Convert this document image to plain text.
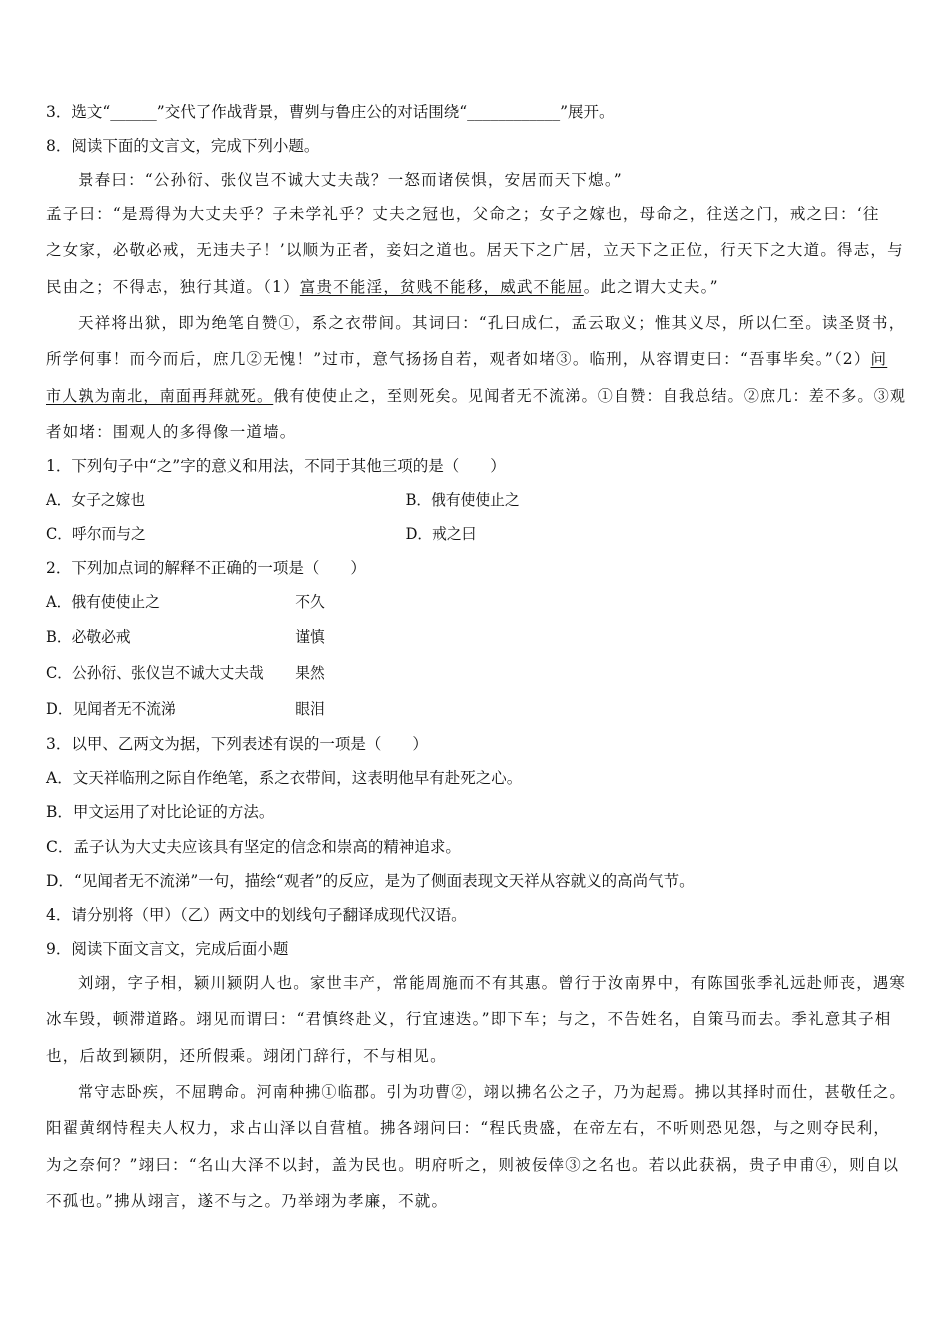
3．选文“______”交代了作战背景，曹刿与鲁庄公的对话围绕“____________”展开。
8．阅读下面的文言文，完成下列小题。
景春曰：“公孙衍、张仪岂不诚大丈夫哉？一怒而诸侯惧，安居而天下熄。”
孟子曰：“是焉得为大丈夫乎？子未学礼乎？丈夫之冠也，父命之；女子之嫁也，母命之，往送之门，戒之曰：‘往
之女家，必敬必戒，无违夫子！’以顺为正者，妾妇之道也。居天下之广居，立天下之正位，行天下之大道。得志，与
民由之；不得志，独行其道。（1）富贵不能淫，贫贱不能移，威武不能屈。此之谓大丈夫。”
天祥将出狱，即为绝笔自赞①，系之衣带间。其词曰：“孔曰成仁，孟云取义；惟其义尽，所以仁至。读圣贤书，
所学何事！而今而后，庶几②无愧！”过市，意气扬扬自若，观者如堵③。临刑，从容谓吏曰：“吾事毕矣。”（2）问
市人孰为南北，南面再拜就死。俄有使使止之，至则死矣。见闻者无不流涕。①自赞：自我总结。②庶几：差不多。③观
者如堵：围观人的多得像一道墙。
1．下列句子中“之”字的意义和用法，不同于其他三项的是（　　）
A．女子之嫁也	B．俄有使使止之
C．呼尔而与之	D．戒之曰
2．下列加点词的解释不正确的一项是（　　）
A．俄有使使止之	不久
B．必敬必戒	谨慎
C．公孙衍、张仪岂不诚大丈夫哉 果然
D．见闻者无不流涕	眼泪
3．以甲、乙两文为据，下列表述有误的一项是（　　）
A．文天祥临刑之际自作绝笔，系之衣带间，这表明他早有赴死之心。
B．甲文运用了对比论证的方法。
C．孟子认为大丈夫应该具有坚定的信念和崇高的精神追求。
D．“见闻者无不流涕”一句，描绘“观者”的反应，是为了侧面表现文天祥从容就义的高尚气节。
4．请分别将（甲）（乙）两文中的划线句子翻译成现代汉语。
9．阅读下面文言文，完成后面小题
刘翊，字子相，颍川颍阴人也。家世丰产，常能周施而不有其惠。曾行于汝南界中，有陈国张季礼远赴师丧，遇寒
冰车毁，顿滞道路。翊见而谓曰：“君慎终赴义，行宜速迭。”即下车；与之，不告姓名，自策马而去。季礼意其子相
也，后故到颍阴，还所假乘。翊闭门辞行，不与相见。
常守志卧疾，不屈聘命。河南种拂①临郡。引为功曹②，翊以拂名公之子，乃为起焉。拂以其择时而仕，甚敬任之。
阳翟黄纲恃程夫人权力，求占山泽以自营植。拂各翊问曰：“程氏贵盛，在帝左右，不听则恐见怨，与之则夺民利，
为之奈何？”翊曰：“名山大泽不以封，盖为民也。明府听之，则被佞倖③之名也。若以此获祸，贵子申甫④，则自以
不孤也。”拂从翊言，遂不与之。乃举翊为孝廉，不就。
